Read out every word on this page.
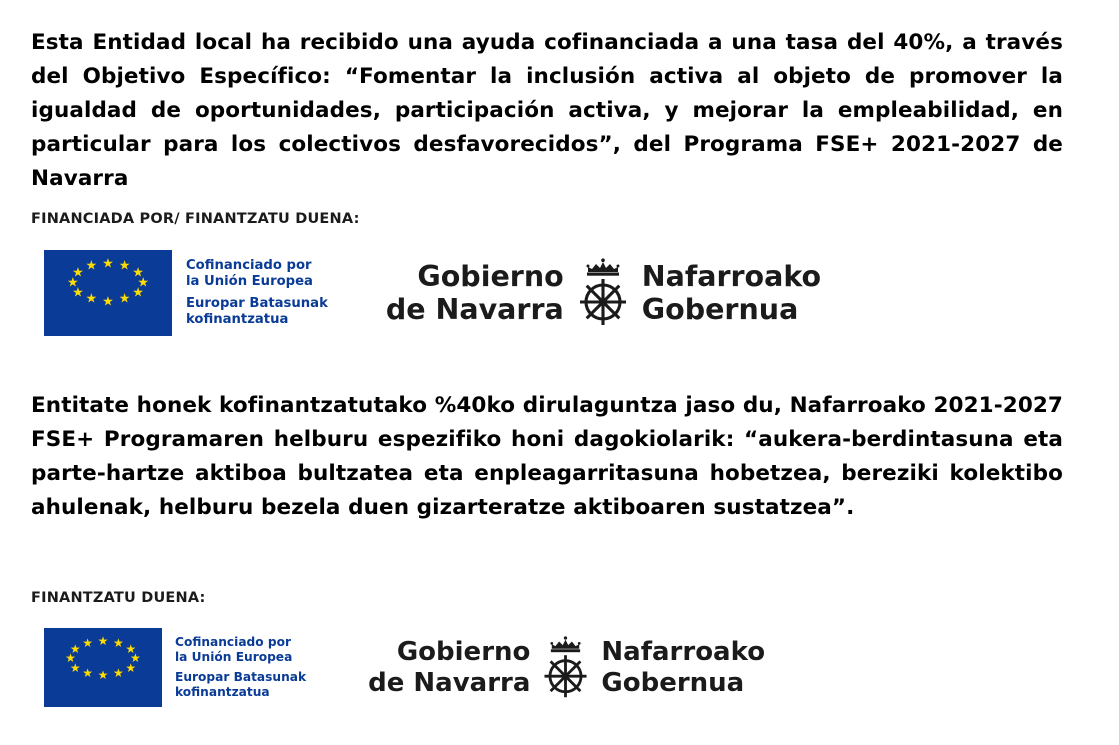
Esta Entidad local ha recibido una ayuda cofinanciada a una tasa del 40%, a través del Objetivo Específico: “Fomentar la inclusión activa al objeto de promover la igualdad de oportunidades, participación activa, y mejorar la empleabilidad, en particular para los colectivos desfavorecidos”, del Programa FSE+ 2021-2027 de Navarra
FINANCIADA POR/ FINANTZATU DUENA:
★ ★ ★
★
★
★
★
★
★
★
★ ★	Cofinanciado por
la Unión Europea
Europar Batasunak
kofinantzatua
Gobierno
de Navarra
Nafarroako
Gobernua
Entitate honek kofinantzatutako %40ko dirulaguntza jaso du, Nafarroako 2021-2027 FSE+ Programaren helburu espezifiko honi dagokiolarik: “aukera-berdintasuna eta parte-hartze aktiboa bultzatea eta enpleagarritasuna hobetzea, bereziki kolektibo ahulenak, helburu bezela duen gizarteratze aktiboaren sustatzea”.
FINANTZATU DUENA:
★ ★ ★
★
★
★
★
★
★
★
★ ★	Cofinanciado por
la Unión Europea
Europar Batasunak
kofinantzatua
Gobierno
de Navarra
Nafarroako
Gobernua
